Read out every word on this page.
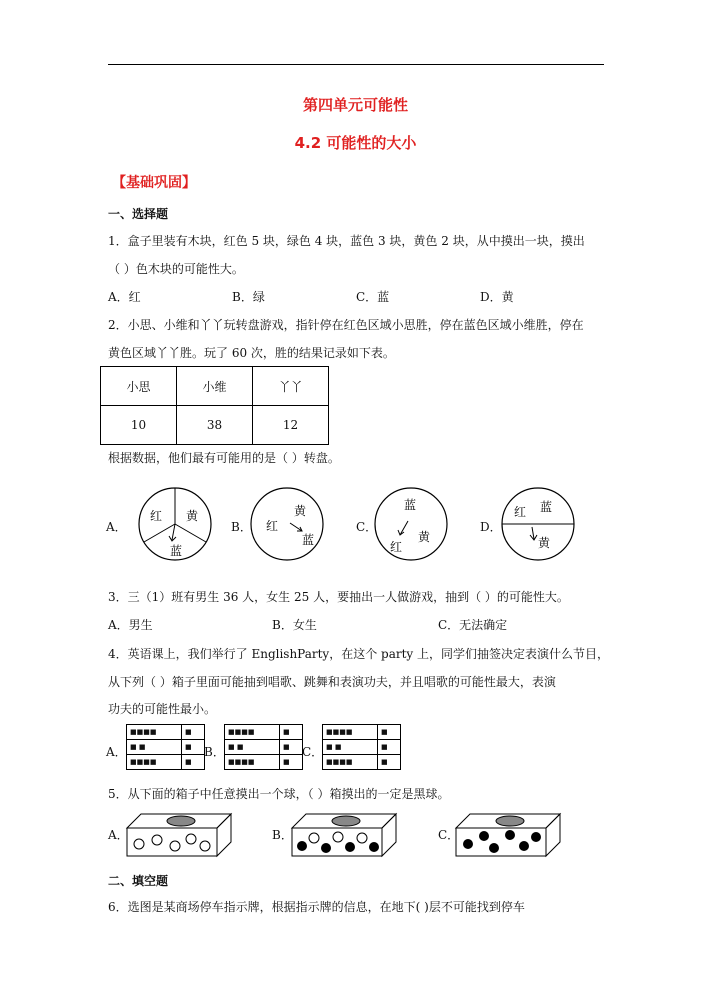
第四单元可能性
4.2 可能性的大小
【基础巩固】
一、选择题
1．盒子里装有木块，红色 5 块，绿色 4 块，蓝色 3 块，黄色 2 块，从中摸出一块，摸出
（ ）色木块的可能性大。
A．红	B．绿	C．蓝	D．黄
2．小思、小维和丫丫玩转盘游戏，指针停在红色区域小思胜，停在蓝色区域小维胜，停在
黄色区域丫丫胜。玩了 60 次，胜的结果记录如下表。
小思	小维	丫丫
10	38	12
根据数据，他们最有可能用的是（ ）转盘。
A．
红 黄
蓝
B． 红
黄
蓝
C．
蓝
红
黄
D．
红 蓝
黄
3．三（1）班有男生 36 人，女生 25 人，要抽出一人做游戏，抽到（ ）的可能性大。
A．男生	B．女生	C．无法确定
4．英语课上，我们举行了 EnglishParty，在这个 party 上，同学们抽签决定表演什么节目，
从下列（ ）箱子里面可能抽到唱歌、跳舞和表演功夫，并且唱歌的可能性最大，表演
功夫的可能性最小。
A．
■■■■	■
■ ■	■
■■■■	■
B．
■■■■	■
■ ■	■
■■■■	■
C．
■■■■	■
■ ■	■
■■■■	■
5．从下面的箱子中任意摸出一个球，（ ）箱摸出的一定是黑球。
A．	B．	C．
二、填空题
6．选图是某商场停车指示牌，根据指示牌的信息，在地下( )层不可能找到停车
